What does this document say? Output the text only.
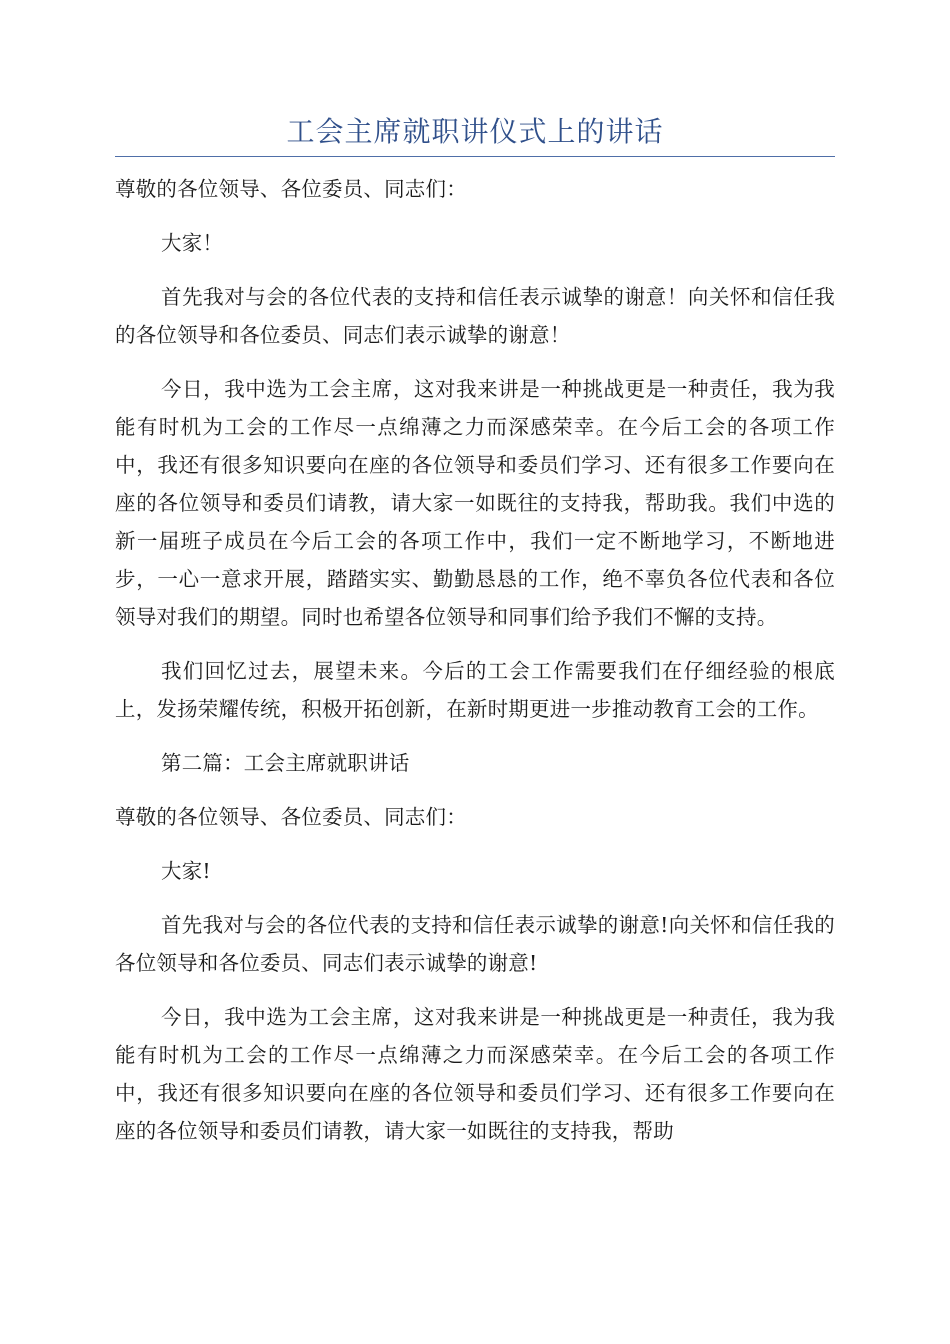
工会主席就职讲仪式上的讲话

尊敬的各位领导、各位委员、同志们：

大家！

首先我对与会的各位代表的支持和信任表示诚挚的谢意！向关怀和信任我的各位领导和各位委员、同志们表示诚挚的谢意！

今日，我中选为工会主席，这对我来讲是一种挑战更是一种责任，我为我能有时机为工会的工作尽一点绵薄之力而深感荣幸。在今后工会的各项工作中，我还有很多知识要向在座的各位领导和委员们学习、还有很多工作要向在座的各位领导和委员们请教，请大家一如既往的支持我，帮助我。我们中选的新一届班子成员在今后工会的各项工作中，我们一定不断地学习，不断地进步，一心一意求开展，踏踏实实、勤勤恳恳的工作，绝不辜负各位代表和各位领导对我们的期望。同时也希望各位领导和同事们给予我们不懈的支持。

我们回忆过去，展望未来。今后的工会工作需要我们在仔细经验的根底上，发扬荣耀传统，积极开拓创新，在新时期更进一步推动教育工会的工作。

第二篇：工会主席就职讲话

尊敬的各位领导、各位委员、同志们：

大家!

首先我对与会的各位代表的支持和信任表示诚挚的谢意!向关怀和信任我的各位领导和各位委员、同志们表示诚挚的谢意!

今日，我中选为工会主席，这对我来讲是一种挑战更是一种责任，我为我能有时机为工会的工作尽一点绵薄之力而深感荣幸。在今后工会的各项工作中，我还有很多知识要向在座的各位领导和委员们学习、还有很多工作要向在座的各位领导和委员们请教，请大家一如既往的支持我，帮助
